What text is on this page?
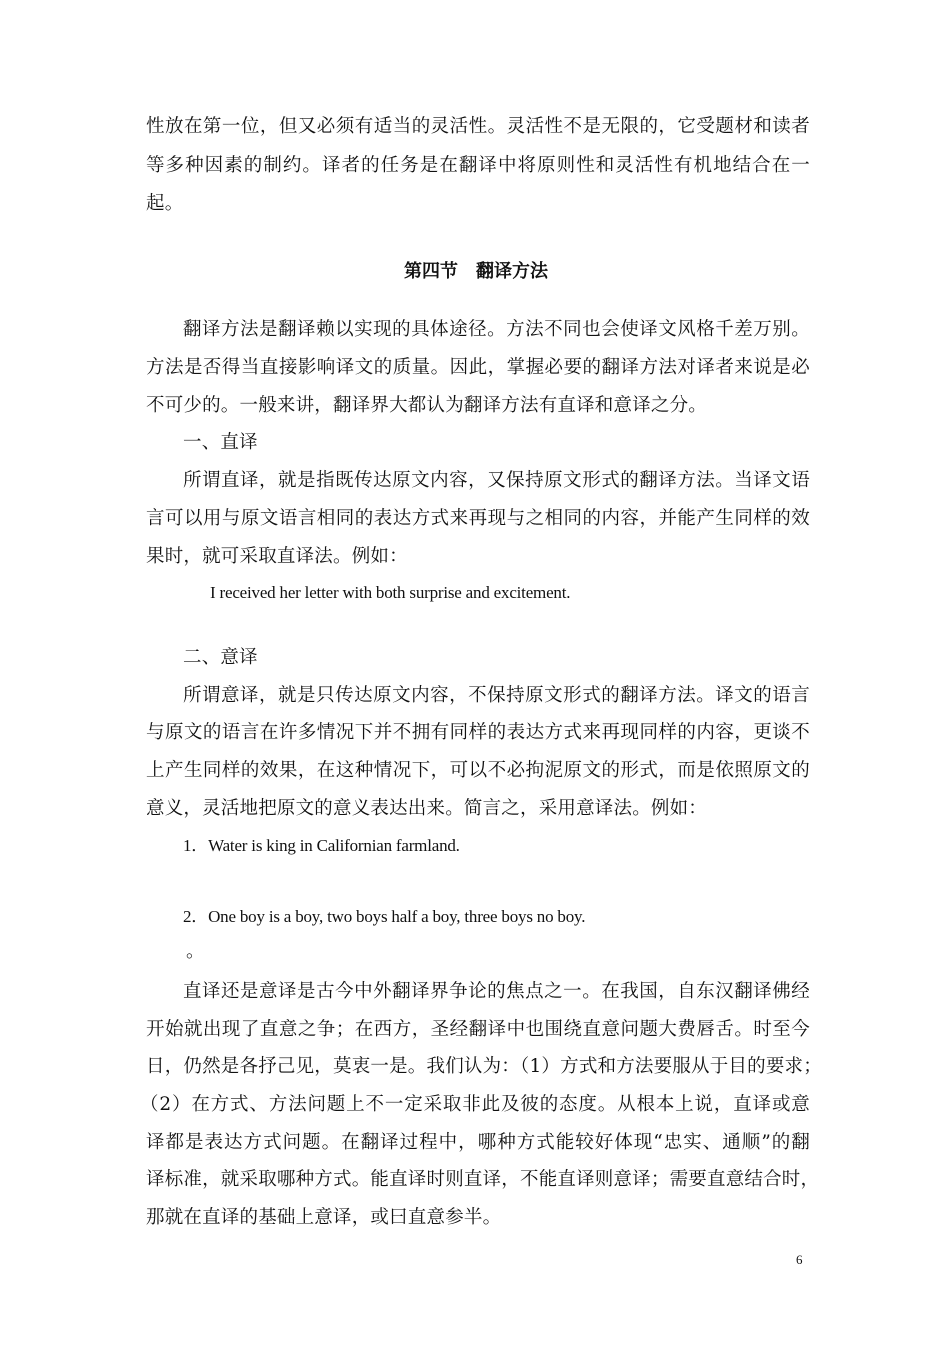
性放在第一位，但又必须有适当的灵活性。灵活性不是无限的，它受题材和读者
等多种因素的制约。译者的任务是在翻译中将原则性和灵活性有机地结合在一
起。
第四节　翻译方法
翻译方法是翻译赖以实现的具体途径。方法不同也会使译文风格千差万别。
方法是否得当直接影响译文的质量。因此，掌握必要的翻译方法对译者来说是必
不可少的。一般来讲，翻译界大都认为翻译方法有直译和意译之分。
一、直译
所谓直译，就是指既传达原文内容，又保持原文形式的翻译方法。当译文语
言可以用与原文语言相同的表达方式来再现与之相同的内容，并能产生同样的效
果时，就可采取直译法。例如：
I received her letter with both surprise and excitement.
二、意译
所谓意译，就是只传达原文内容，不保持原文形式的翻译方法。译文的语言
与原文的语言在许多情况下并不拥有同样的表达方式来再现同样的内容，更谈不
上产生同样的效果，在这种情况下，可以不必拘泥原文的形式，而是依照原文的
意义，灵活地把原文的意义表达出来。简言之，采用意译法。例如：
1．Water is king in Californian farmland.
2．One boy is a boy, two boys half a boy, three boys no boy.
。
直译还是意译是古今中外翻译界争论的焦点之一。在我国，自东汉翻译佛经
开始就出现了直意之争；在西方，圣经翻译中也围绕直意问题大费唇舌。时至今
日，仍然是各抒己见，莫衷一是。我们认为：（1）方式和方法要服从于目的要求；
（2）在方式、方法问题上不一定采取非此及彼的态度。从根本上说，直译或意
译都是表达方式问题。在翻译过程中，哪种方式能较好体现“忠实、通顺”的翻
译标准，就采取哪种方式。能直译时则直译，不能直译则意译；需要直意结合时，
那就在直译的基础上意译，或曰直意参半。
6
